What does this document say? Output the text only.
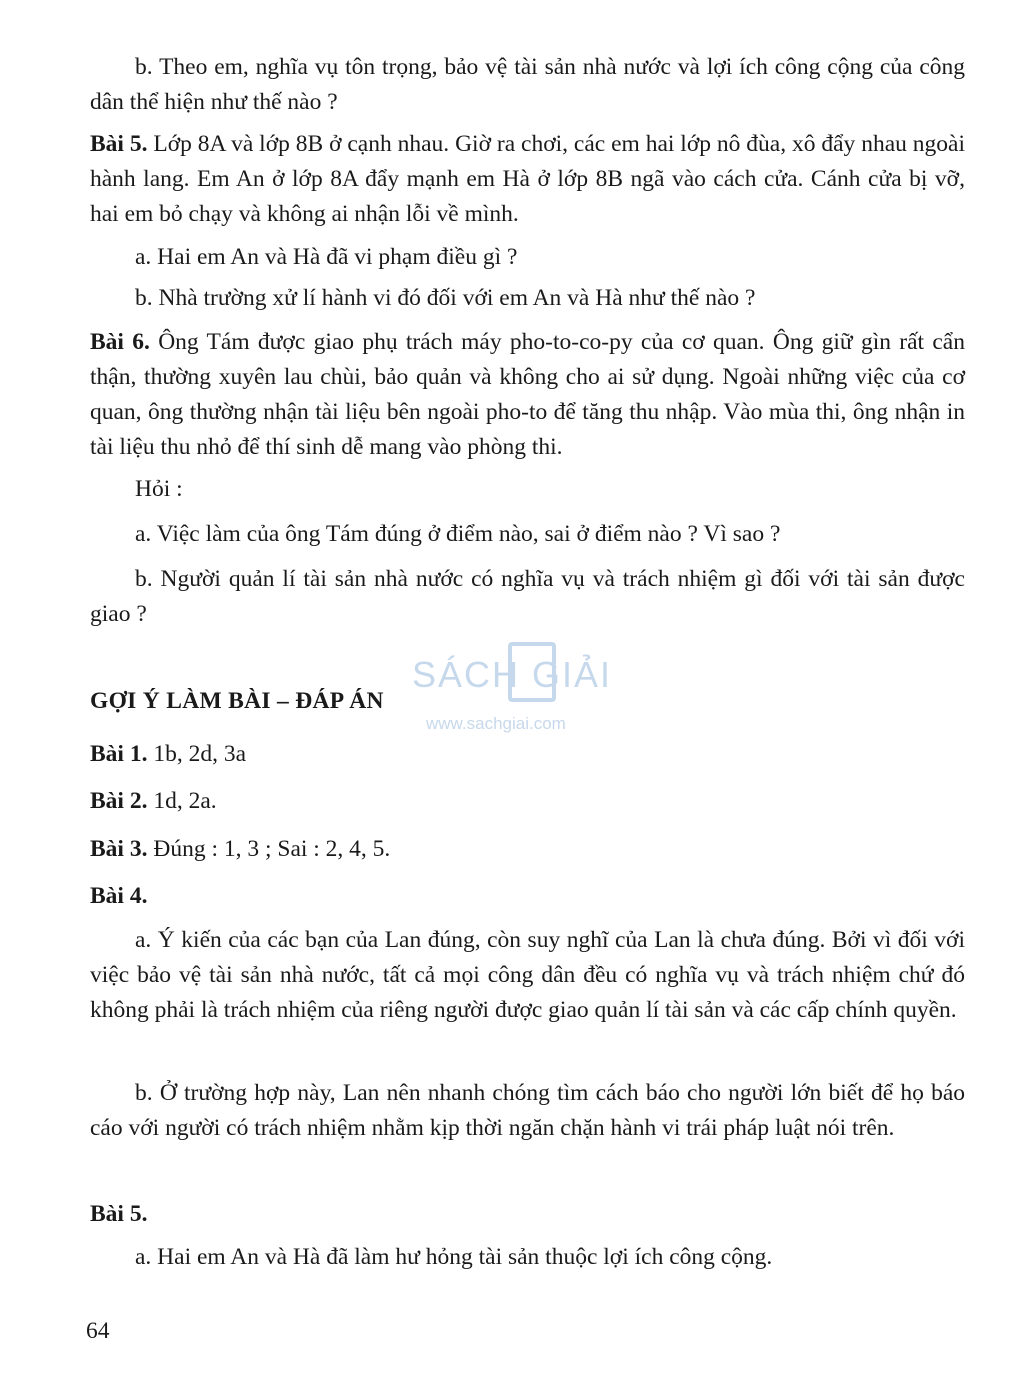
b. Theo em, nghĩa vụ tôn trọng, bảo vệ tài sản nhà nước và lợi ích công cộng của công dân thể hiện như thế nào ?

Bài 5. Lớp 8A và lớp 8B ở cạnh nhau. Giờ ra chơi, các em hai lớp nô đùa, xô đẩy nhau ngoài hành lang. Em An ở lớp 8A đẩy mạnh em Hà ở lớp 8B ngã vào cách cửa. Cánh cửa bị vỡ, hai em bỏ chạy và không ai nhận lỗi về mình.

a. Hai em An và Hà đã vi phạm điều gì ?

b. Nhà trường xử lí hành vi đó đối với em An và Hà như thế nào ?

Bài 6. Ông Tám được giao phụ trách máy pho-to-co-py của cơ quan. Ông giữ gìn rất cẩn thận, thường xuyên lau chùi, bảo quản và không cho ai sử dụng. Ngoài những việc của cơ quan, ông thường nhận tài liệu bên ngoài pho-to để tăng thu nhập. Vào mùa thi, ông nhận in tài liệu thu nhỏ để thí sinh dễ mang vào phòng thi.

Hỏi :

a. Việc làm của ông Tám đúng ở điểm nào, sai ở điểm nào ? Vì sao ?

b. Người quản lí tài sản nhà nước có nghĩa vụ và trách nhiệm gì đối với tài sản được giao ?

SÁCH GIẢI
www.sachgiai.com
GỢI Ý LÀM BÀI – ĐÁP ÁN

Bài 1. 1b, 2d, 3a

Bài 2. 1d, 2a.

Bài 3. Đúng : 1, 3 ; Sai : 2, 4, 5.

Bài 4.

a. Ý kiến của các bạn của Lan đúng, còn suy nghĩ của Lan là chưa đúng. Bởi vì đối với việc bảo vệ tài sản nhà nước, tất cả mọi công dân đều có nghĩa vụ và trách nhiệm chứ đó không phải là trách nhiệm của riêng người được giao quản lí tài sản và các cấp chính quyền.

b. Ở trường hợp này, Lan nên nhanh chóng tìm cách báo cho người lớn biết để họ báo cáo với người có trách nhiệm nhằm kịp thời ngăn chặn hành vi trái pháp luật nói trên.

Bài 5.

a. Hai em An và Hà đã làm hư hỏng tài sản thuộc lợi ích công cộng.

64
